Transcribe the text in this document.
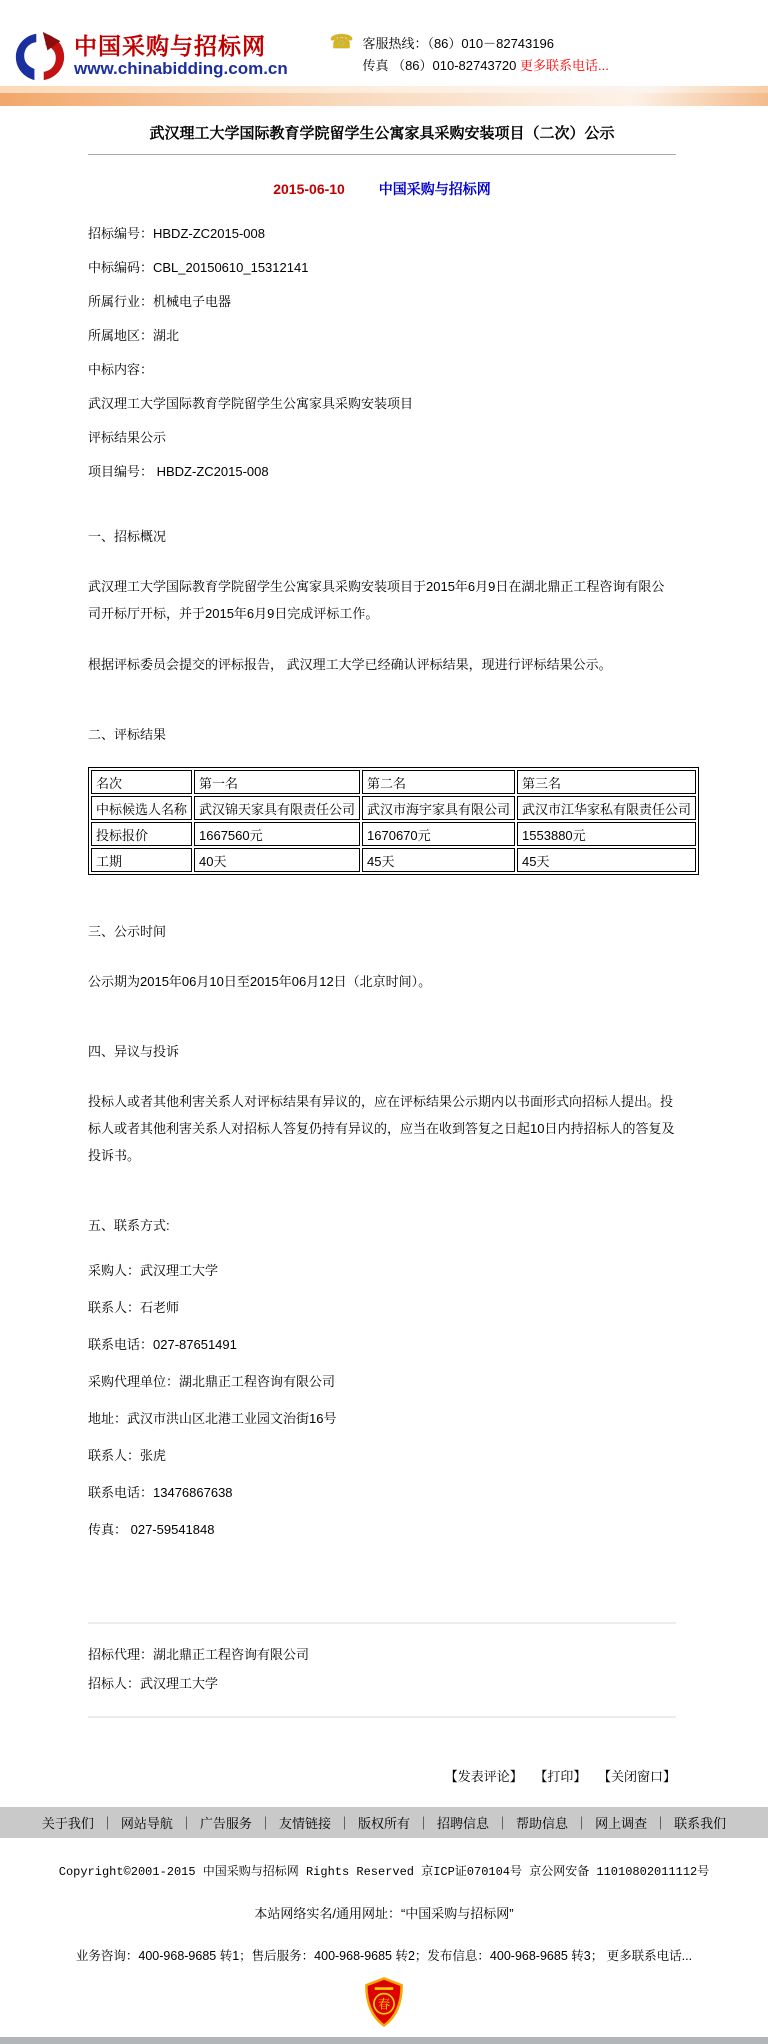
中国采购与招标网
www.chinabidding.com.cn
☎ 客服热线：（86）010－82743196
传真 （86）010-82743720 更多联系电话...
武汉理工大学国际教育学院留学生公寓家具采购安装项目（二次）公示
2015-06-10 中国采购与招标网

招标编号：HBDZ-ZC2015-008

中标编码：CBL_20150610_15312141

所属行业：机械电子电器

所属地区：湖北

中标内容：

武汉理工大学国际教育学院留学生公寓家具采购安装项目

评标结果公示

项目编号： HBDZ-ZC2015-008

一、招标概况

武汉理工大学国际教育学院留学生公寓家具采购安装项目于2015年6月9日在湖北鼎正工程咨询有限公司开标厅开标，并于2015年6月9日完成评标工作。

根据评标委员会提交的评标报告， 武汉理工大学已经确认评标结果，现进行评标结果公示。

二、评标结果
名次	第一名	第二名	第三名
中标候选人名称	武汉锦天家具有限责任公司	武汉市海宇家具有限公司	武汉市江华家私有限责任公司
投标报价	1667560元	1670670元	1553880元
工期	40天	45天	45天
三、公示时间

公示期为2015年06月10日至2015年06月12日（北京时间）。

四、异议与投诉

投标人或者其他利害关系人对评标结果有异议的，应在评标结果公示期内以书面形式向招标人提出。投标人或者其他利害关系人对招标人答复仍持有异议的，应当在收到答复之日起10日内持招标人的答复及投诉书。

五、联系方式:

采购人：武汉理工大学

联系人：石老师

联系电话：027-87651491

采购代理单位：湖北鼎正工程咨询有限公司

地址：武汉市洪山区北港工业园文治街16号

联系人：张虎

联系电话：13476867638

传真： 027-59541848

招标代理：湖北鼎正工程咨询有限公司

招标人：武汉理工大学

【发表评论】 【打印】 【关闭窗口】
关于我们 ｜ 网站导航 ｜ 广告服务 ｜ 友情链接 ｜ 版权所有 ｜ 招聘信息 ｜ 帮助信息 ｜ 网上调查 ｜ 联系我们
Copyright©2001-2015 中国采购与招标网 Rights Reserved 京ICP证070104号 京公网安备 11010802011112号
本站网络实名/通用网址：“中国采购与招标网”
业务咨询：400-968-9685 转1；售后服务：400-968-9685 转2；发布信息：400-968-9685 转3； 更多联系电话...
春
